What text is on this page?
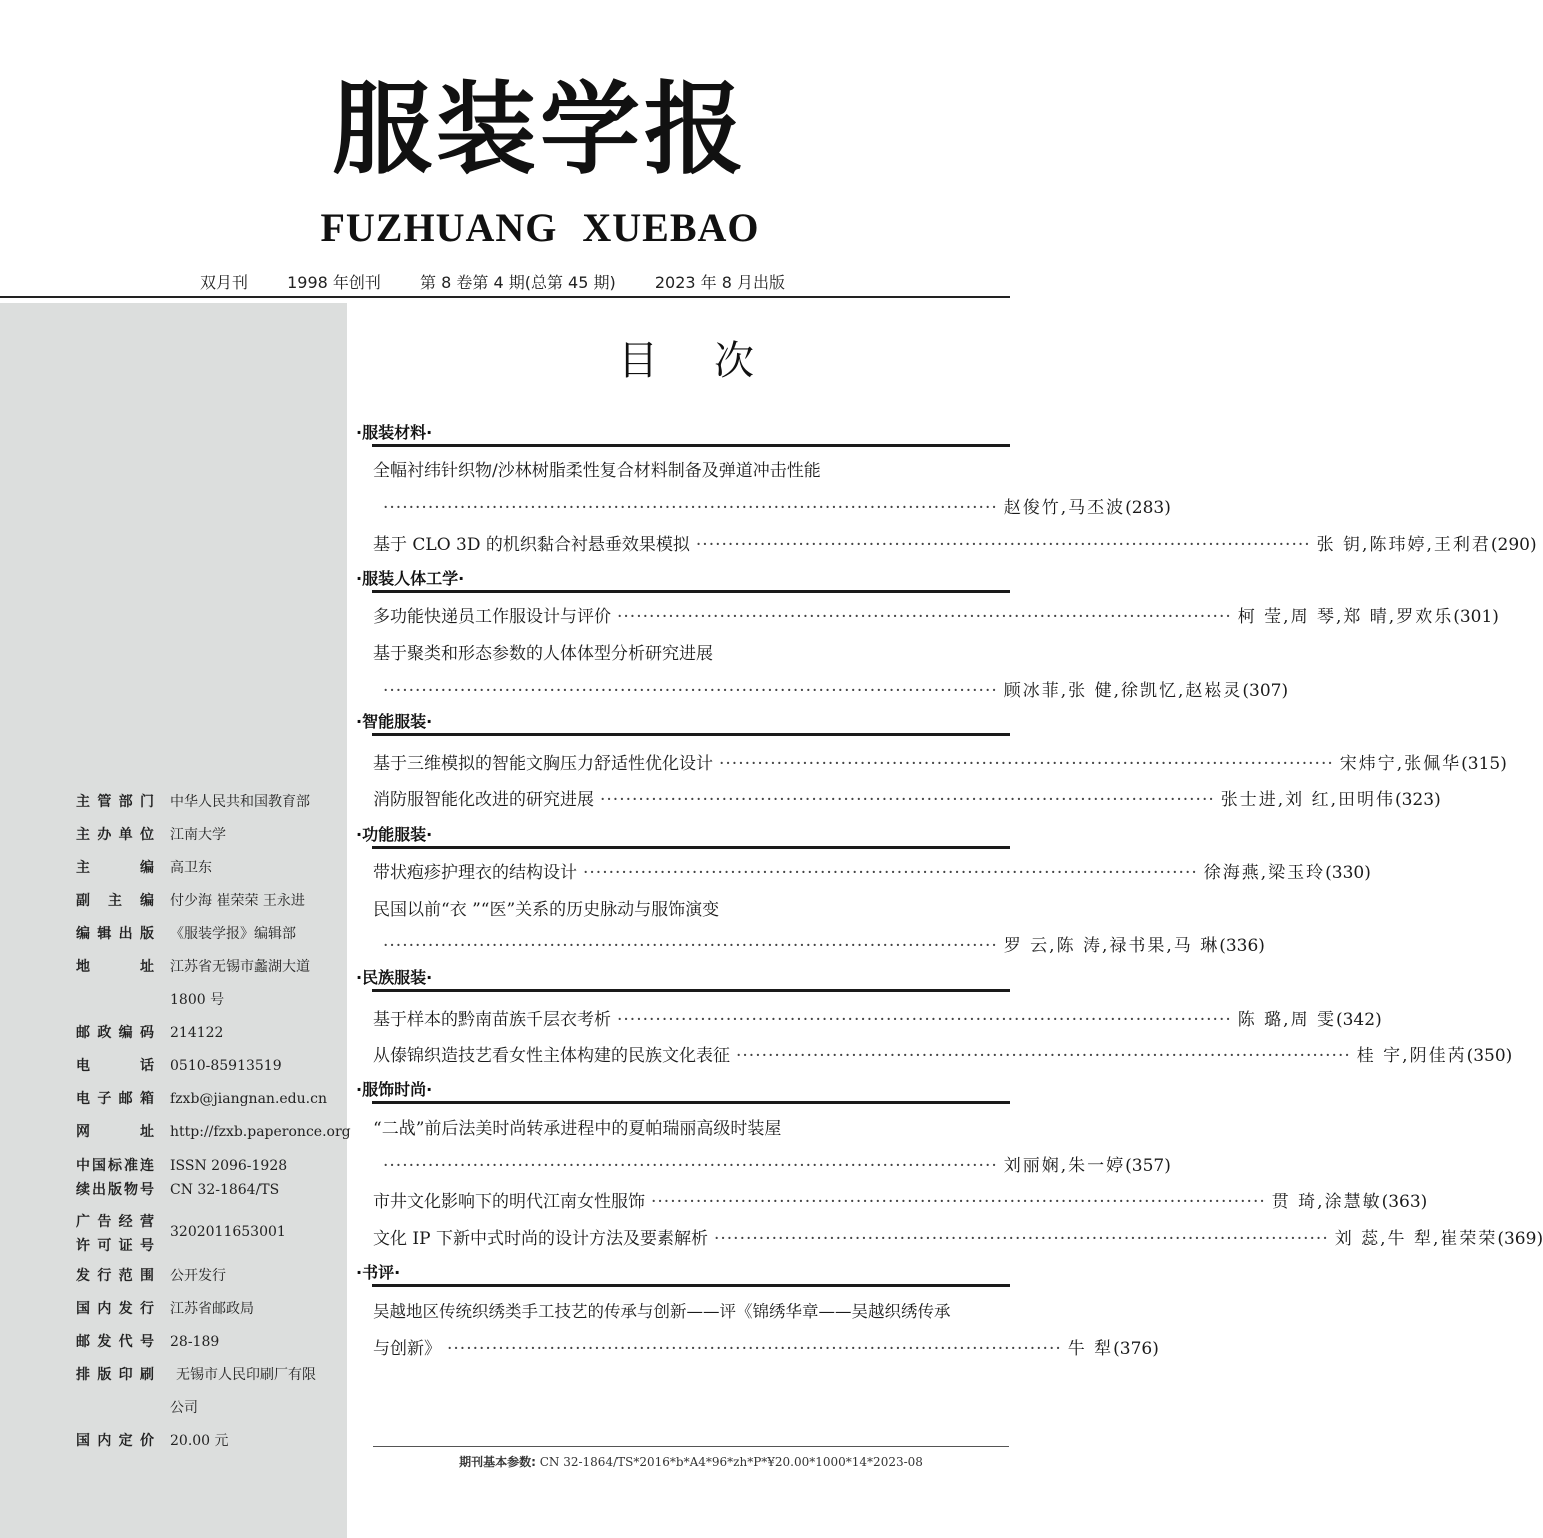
服装学报
FUZHUANG XUEBAO
双月刊 1998 年创刊 第 8 卷第 4 期(总第 45 期) 2023 年 8 月出版
主管部门 中华人民共和国教育部
主办单位 江南大学
主编 高卫东
副主编 付少海 崔荣荣 王永进
编辑出版 《服装学报》编辑部
地址 江苏省无锡市蠡湖大道
1800 号
邮政编码 214122
电话 0510-85913519
电子邮箱 fzxb@jiangnan.edu.cn
网址 http://fzxb.paperonce.org
中国标准连
续出版物号
ISSN 2096-1928
CN 32-1864/TS
广告经营
许可证号
3202011653001
发行范围 公开发行
国内发行 江苏省邮政局
邮发代号 28-189
排版印刷 无锡市人民印刷厂有限
公司
国内定价 20.00 元
目次
·服装材料·
全幅衬纬针织物/沙林树脂柔性复合材料制备及弹道冲击性能
································································································ 赵俊竹,马丕波 (283)
基于 CLO 3D 的机织黏合衬悬垂效果模拟 ································································································ 张 钥,陈玮婷,王利君 (290)
·服装人体工学·
多功能快递员工作服设计与评价 ································································································ 柯 莹,周 琴,郑 晴,罗欢乐 (301)
基于聚类和形态参数的人体体型分析研究进展
································································································ 顾冰菲,张 健,徐凯忆,赵崧灵 (307)
·智能服装·
基于三维模拟的智能文胸压力舒适性优化设计 ································································································ 宋炜宁,张佩华 (315)
消防服智能化改进的研究进展 ································································································ 张士进,刘 红,田明伟 (323)
·功能服装·
带状疱疹护理衣的结构设计 ································································································ 徐海燕,梁玉玲 (330)
民国以前“衣 ”“医”关系的历史脉动与服饰演变
································································································ 罗 云,陈 涛,禄书果,马 琳 (336)
·民族服装·
基于样本的黔南苗族千层衣考析 ································································································ 陈 璐,周 雯 (342)
从傣锦织造技艺看女性主体构建的民族文化表征 ································································································ 桂 宇,阴佳芮 (350)
·服饰时尚·
“二战”前后法美时尚转承进程中的夏帕瑞丽高级时装屋
································································································ 刘丽娴,朱一婷 (357)
市井文化影响下的明代江南女性服饰 ································································································ 贯 琦,涂慧敏 (363)
文化 IP 下新中式时尚的设计方法及要素解析 ································································································ 刘 蕊,牛 犁,崔荣荣 (369)
·书评·
吴越地区传统织绣类手工技艺的传承与创新——评《锦绣华章——吴越织绣传承
与创新》 ································································································ 牛 犁 (376)
期刊基本参数: CN 32-1864/TS*2016*b*A4*96*zh*P*¥20.00*1000*14*2023-08
